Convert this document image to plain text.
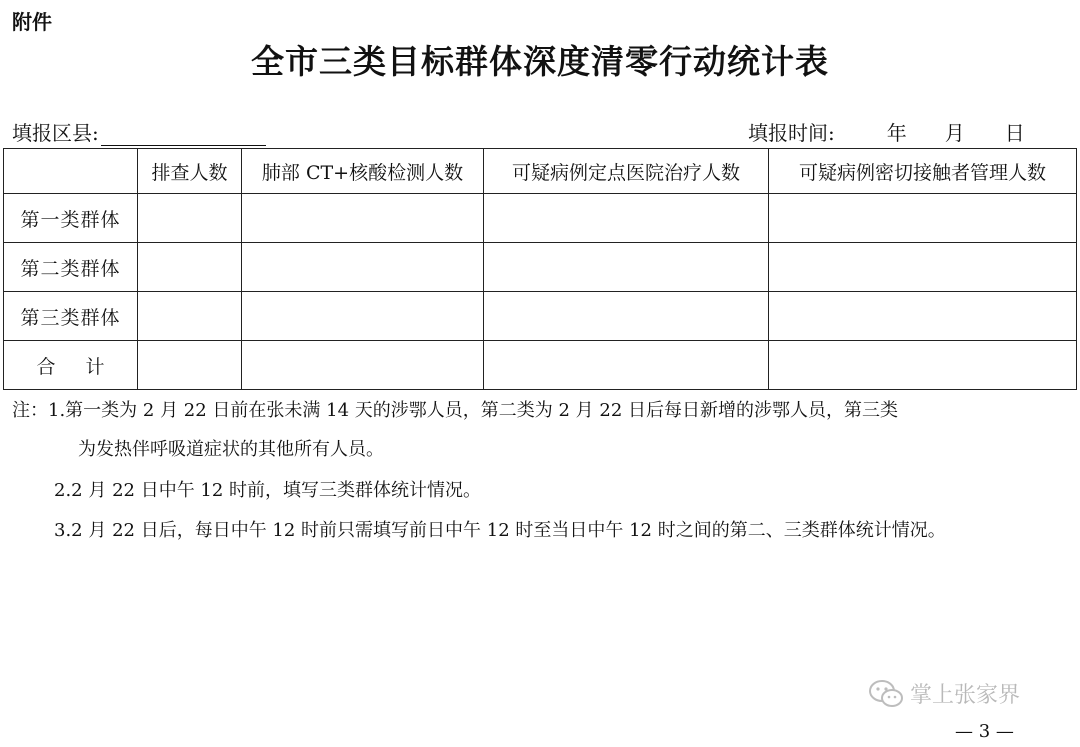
附件
全市三类目标群体深度清零行动统计表
填报区县:	填报时间:	年 月 日
	排查人数	肺部 CT+核酸检测人数	可疑病例定点医院治疗人数	可疑病例密切接触者管理人数
第一类群体				
第二类群体				
第三类群体				
合 计				
注：1.第一类为 2 月 22 日前在张未满 14 天的涉鄂人员，第二类为 2 月 22 日后每日新增的涉鄂人员，第三类
为发热伴呼吸道症状的其他所有人员。
2.2 月 22 日中午 12 时前，填写三类群体统计情况。
3.2 月 22 日后，每日中午 12 时前只需填写前日中午 12 时至当日中午 12 时之间的第二、三类群体统计情况。
掌上张家界
— 3 —
